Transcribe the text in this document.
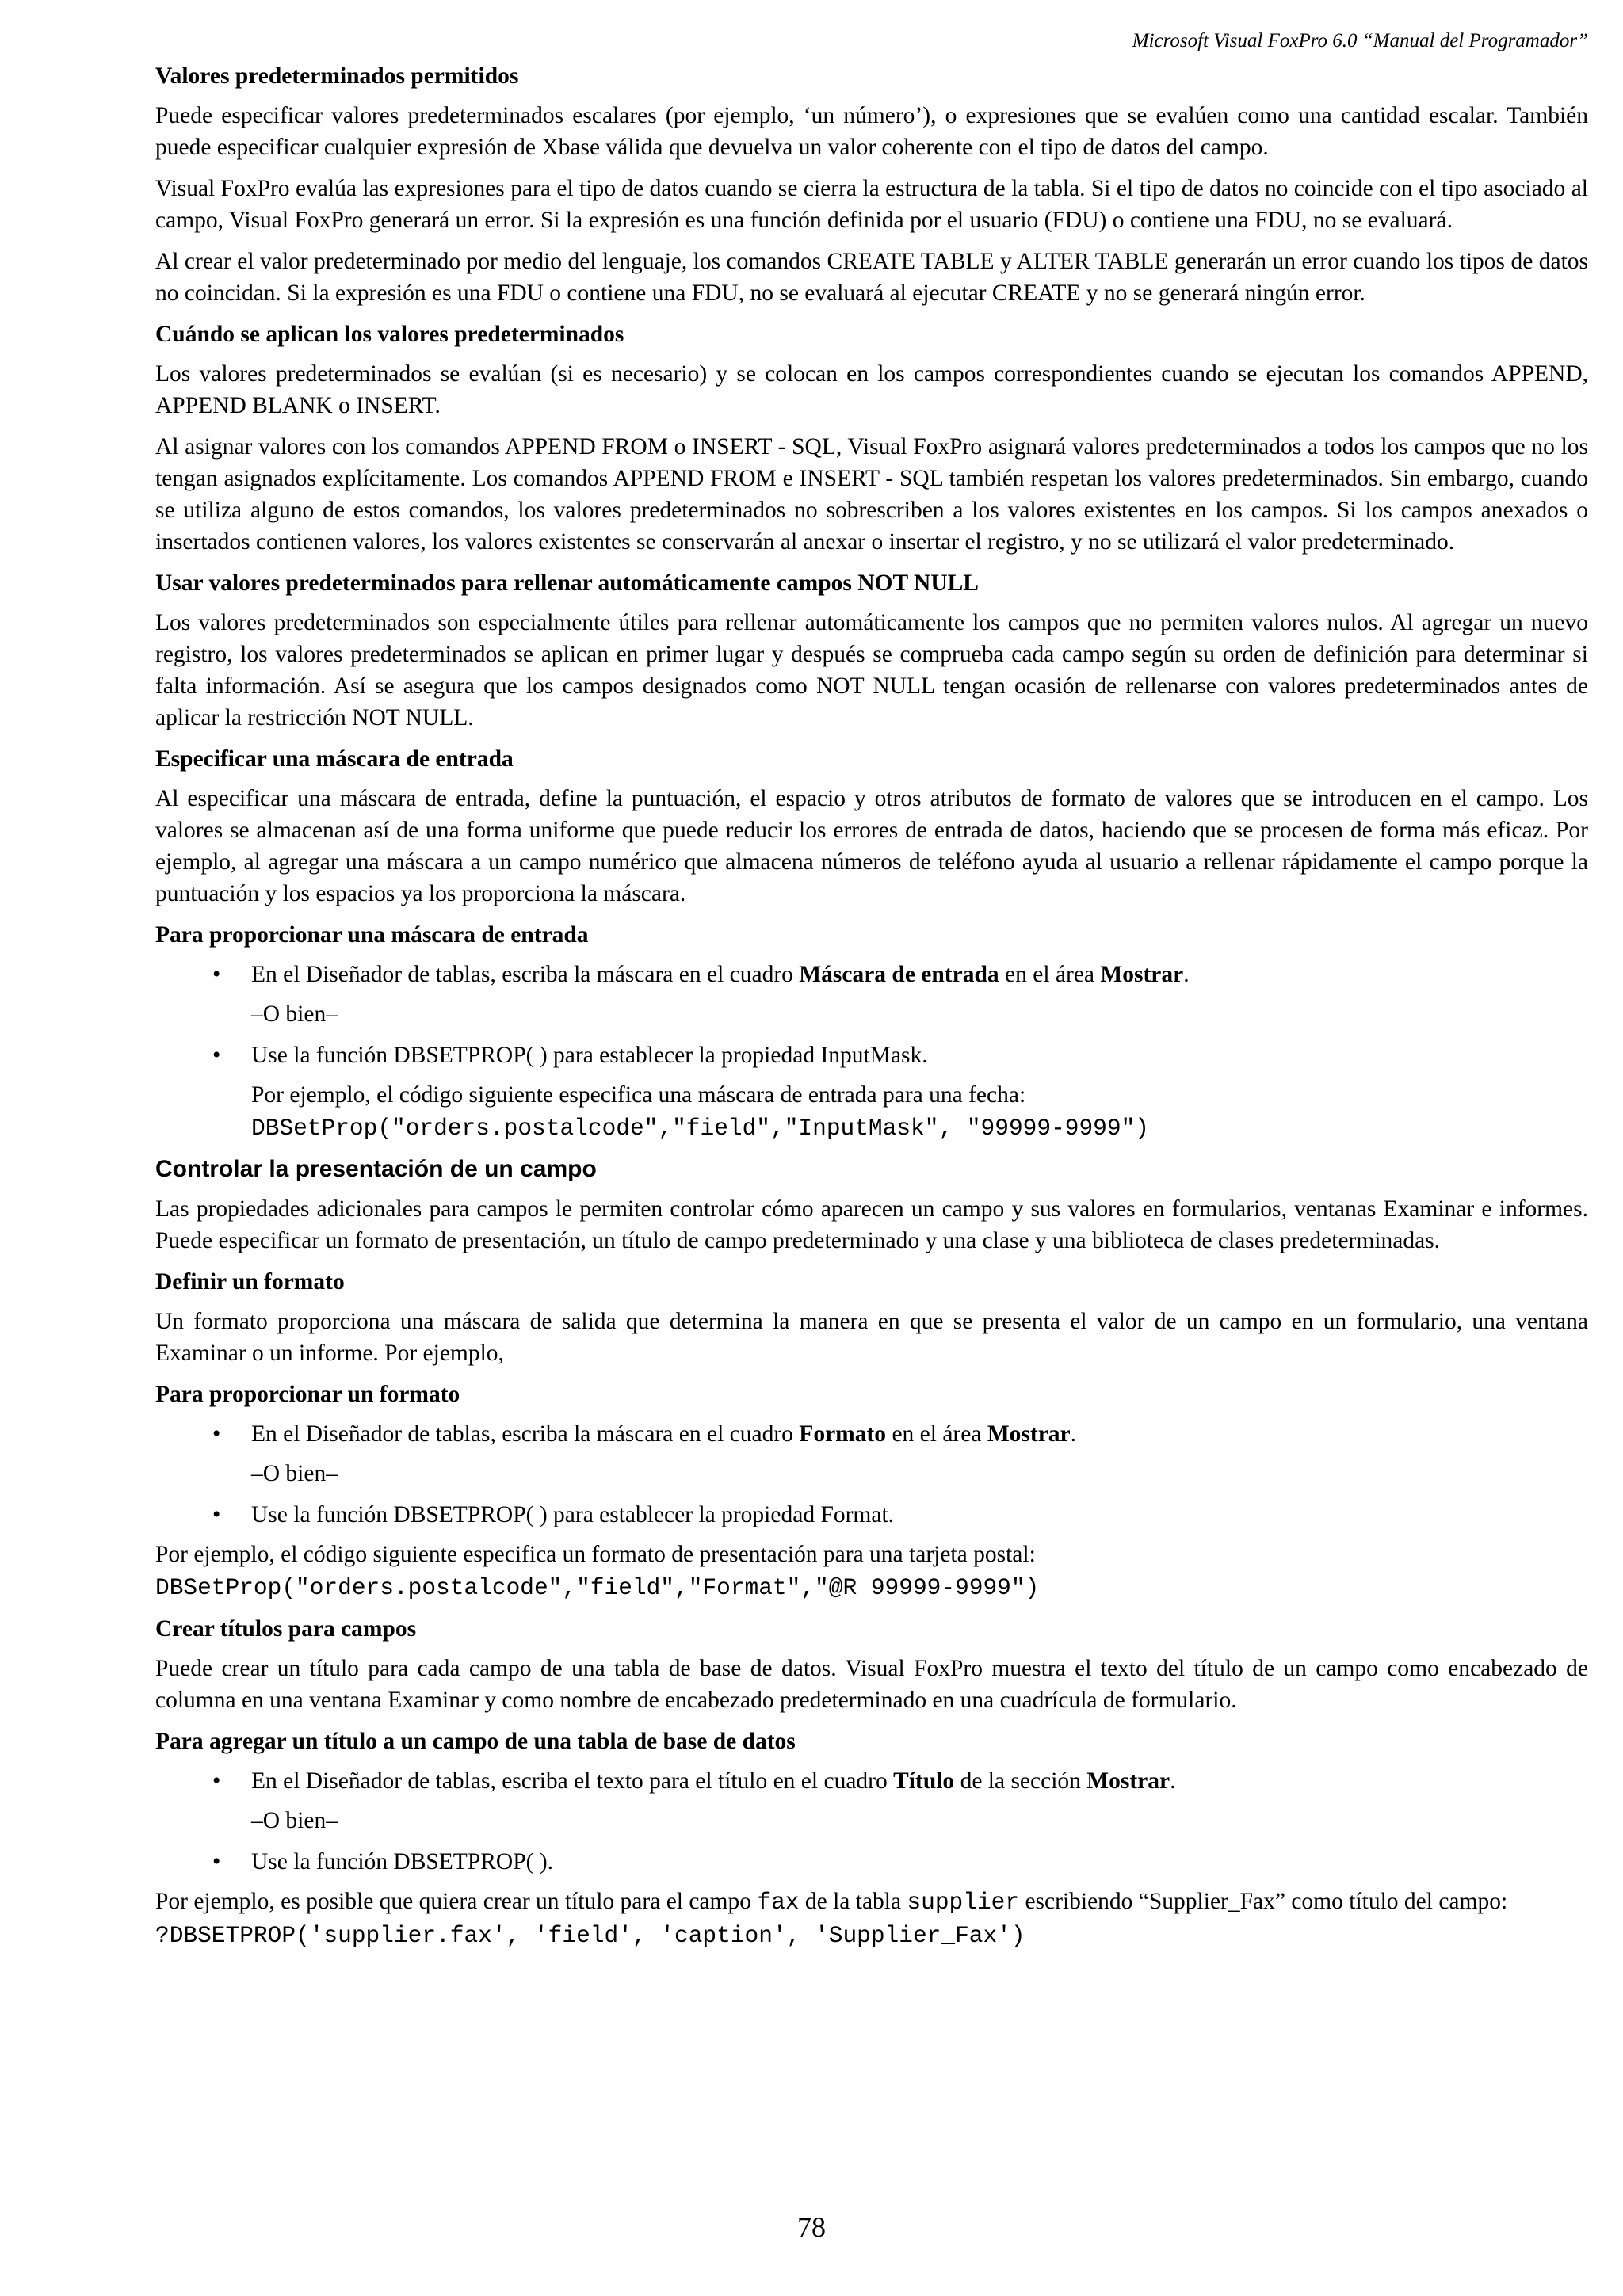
Microsoft Visual FoxPro 6.0 “Manual del Programador”
Valores predeterminados permitidos

Puede especificar valores predeterminados escalares (por ejemplo, ‘un número’), o expresiones que se evalúen como una cantidad escalar. También puede especificar cualquier expresión de Xbase válida que devuelva un valor coherente con el tipo de datos del campo.

Visual FoxPro evalúa las expresiones para el tipo de datos cuando se cierra la estructura de la tabla. Si el tipo de datos no coincide con el tipo asociado al campo, Visual FoxPro generará un error. Si la expresión es una función definida por el usuario (FDU) o contiene una FDU, no se evaluará.

Al crear el valor predeterminado por medio del lenguaje, los comandos CREATE TABLE y ALTER TABLE generarán un error cuando los tipos de datos no coincidan. Si la expresión es una FDU o contiene una FDU, no se evaluará al ejecutar CREATE y no se generará ningún error.

Cuándo se aplican los valores predeterminados

Los valores predeterminados se evalúan (si es necesario) y se colocan en los campos correspondientes cuando se ejecutan los comandos APPEND, APPEND BLANK o INSERT.

Al asignar valores con los comandos APPEND FROM o INSERT - SQL, Visual FoxPro asignará valores predeterminados a todos los campos que no los tengan asignados explícitamente. Los comandos APPEND FROM e INSERT - SQL también respetan los valores predeterminados. Sin embargo, cuando se utiliza alguno de estos comandos, los valores predeterminados no sobrescriben a los valores existentes en los campos. Si los campos anexados o insertados contienen valores, los valores existentes se conservarán al anexar o insertar el registro, y no se utilizará el valor predeterminado.

Usar valores predeterminados para rellenar automáticamente campos NOT NULL

Los valores predeterminados son especialmente útiles para rellenar automáticamente los campos que no permiten valores nulos. Al agregar un nuevo registro, los valores predeterminados se aplican en primer lugar y después se comprueba cada campo según su orden de definición para determinar si falta información. Así se asegura que los campos designados como NOT NULL tengan ocasión de rellenarse con valores predeterminados antes de aplicar la restricción NOT NULL.

Especificar una máscara de entrada

Al especificar una máscara de entrada, define la puntuación, el espacio y otros atributos de formato de valores que se introducen en el campo. Los valores se almacenan así de una forma uniforme que puede reducir los errores de entrada de datos, haciendo que se procesen de forma más eficaz. Por ejemplo, al agregar una máscara a un campo numérico que almacena números de teléfono ayuda al usuario a rellenar rápidamente el campo porque la puntuación y los espacios ya los proporciona la máscara.

Para proporcionar una máscara de entrada
• En el Diseñador de tablas, escriba la máscara en el cuadro Máscara de entrada en el área Mostrar.
–O bien–
• Use la función DBSETPROP( ) para establecer la propiedad InputMask.
Por ejemplo, el código siguiente especifica una máscara de entrada para una fecha:
DBSetProp("orders.postalcode","field","InputMask", "99999-9999")
Controlar la presentación de un campo

Las propiedades adicionales para campos le permiten controlar cómo aparecen un campo y sus valores en formularios, ventanas Examinar e informes. Puede especificar un formato de presentación, un título de campo predeterminado y una clase y una biblioteca de clases predeterminadas.

Definir un formato

Un formato proporciona una máscara de salida que determina la manera en que se presenta el valor de un campo en un formulario, una ventana Examinar o un informe. Por ejemplo,

Para proporcionar un formato
• En el Diseñador de tablas, escriba la máscara en el cuadro Formato en el área Mostrar.
–O bien–
• Use la función DBSETPROP( ) para establecer la propiedad Format.

Por ejemplo, el código siguiente especifica un formato de presentación para una tarjeta postal:

DBSetProp("orders.postalcode","field","Format","@R 99999-9999")
Crear títulos para campos

Puede crear un título para cada campo de una tabla de base de datos. Visual FoxPro muestra el texto del título de un campo como encabezado de columna en una ventana Examinar y como nombre de encabezado predeterminado en una cuadrícula de formulario.

Para agregar un título a un campo de una tabla de base de datos
• En el Diseñador de tablas, escriba el texto para el título en el cuadro Título de la sección Mostrar.
–O bien–
• Use la función DBSETPROP( ).

Por ejemplo, es posible que quiera crear un título para el campo fax de la tabla supplier escribiendo “Supplier_Fax” como título del campo:

?DBSETPROP('supplier.fax', 'field', 'caption', 'Supplier_Fax')
78
